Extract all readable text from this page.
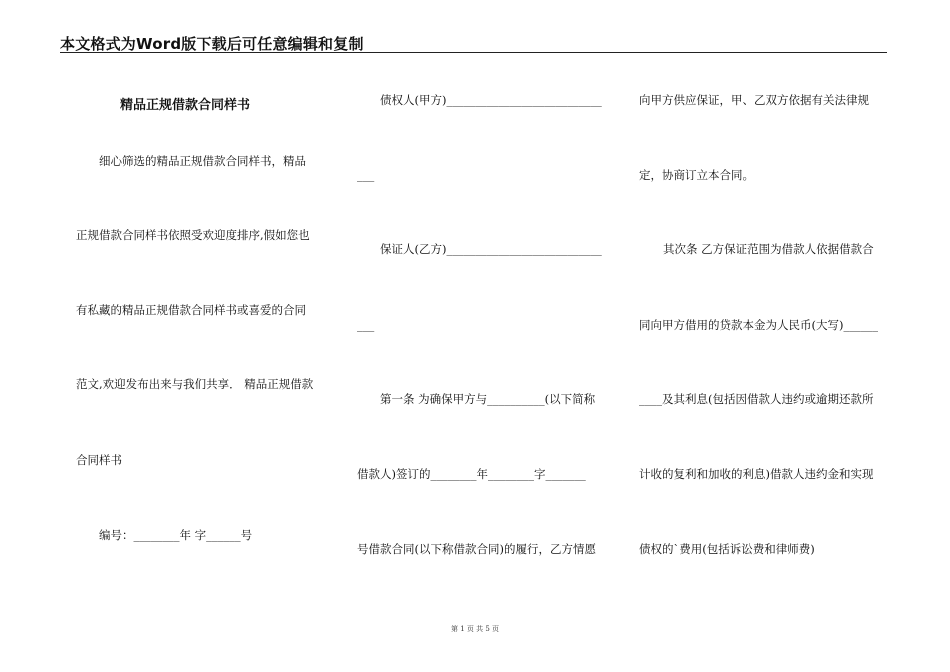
本文格式为Word版下载后可任意编辑和复制
精品正规借款合同样书
细心筛选的精品正规借款合同样书，精品
正规借款合同样书依照受欢迎度排序,假如您也
有私藏的精品正规借款合同样书或喜爱的合同
范文,欢迎发布出来与我们共享． 精品正规借款
合同样书
编号：________年 字______号
债权人(甲方)___________________________
___
保证人(乙方)___________________________
___
第一条 为确保甲方与__________(以下简称
借款人)签订的________年________字_______
号借款合同(以下称借款合同)的履行，乙方情愿
向甲方供应保证，甲、乙双方依据有关法律规
定，协商订立本合同。
其次条 乙方保证范围为借款人依据借款合
同向甲方借用的贷款本金为人民币(大写)______
____及其利息(包括因借款人违约或逾期还款所
计收的复利和加收的利息)借款人违约金和实现
债权的`费用(包括诉讼费和律师费)
第 1 页 共 5 页
